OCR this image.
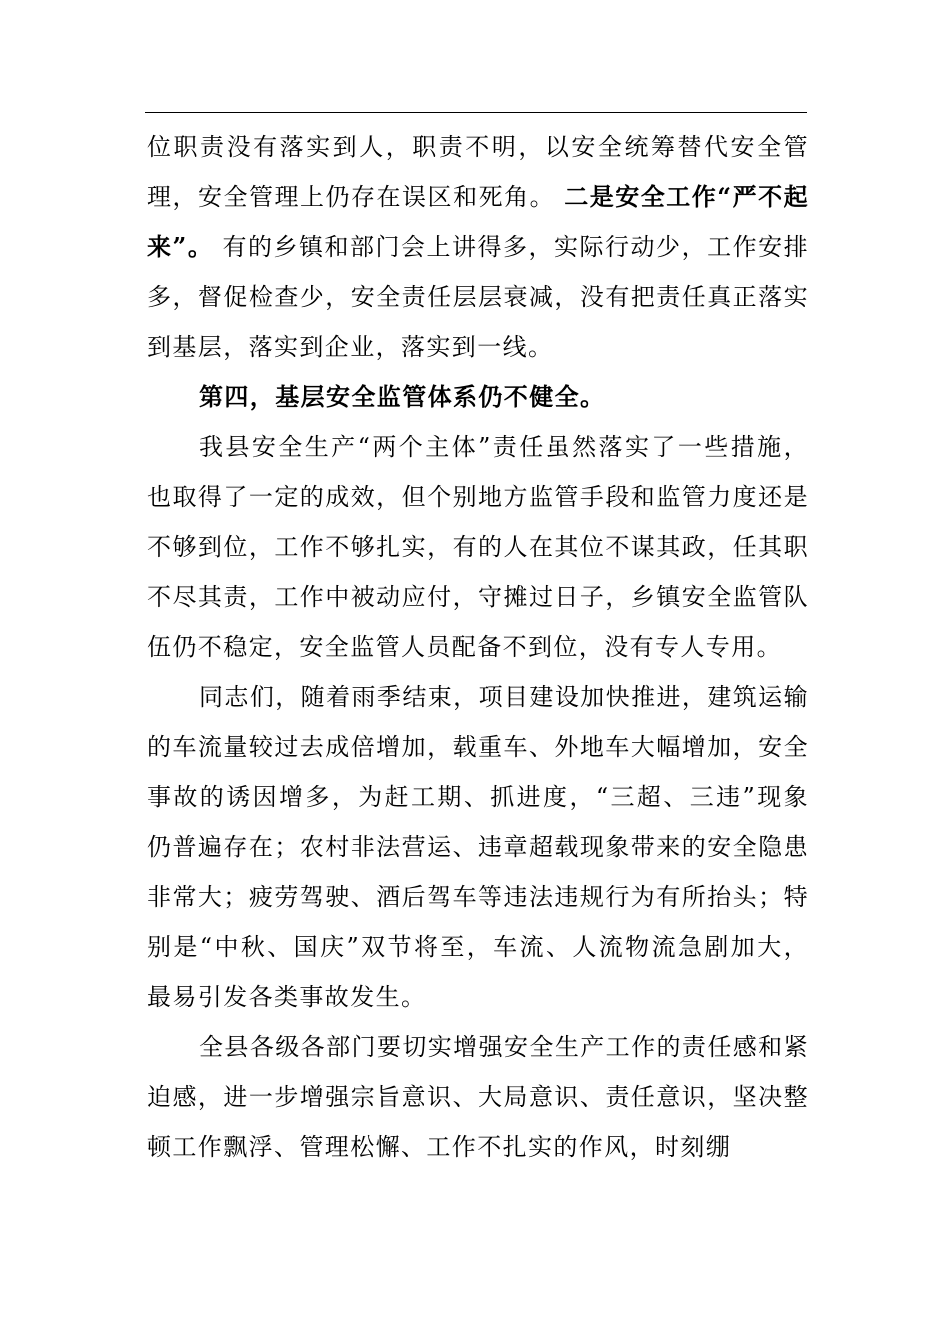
位职责没有落实到人，职责不明，以安全统筹替代安全管理，安全管理上仍存在误区和死角。 二是安全工作“严不起来”。 有的乡镇和部门会上讲得多，实际行动少，工作安排多，督促检查少，安全责任层层衰减，没有把责任真正落实到基层，落实到企业，落实到一线。

第四，基层安全监管体系仍不健全。

我县安全生产“两个主体”责任虽然落实了一些措施，也取得了一定的成效，但个别地方监管手段和监管力度还是不够到位，工作不够扎实，有的人在其位不谋其政，任其职不尽其责，工作中被动应付，守摊过日子，乡镇安全监管队伍仍不稳定，安全监管人员配备不到位，没有专人专用。

同志们，随着雨季结束，项目建设加快推进，建筑运输的车流量较过去成倍增加，载重车、外地车大幅增加，安全事故的诱因增多，为赶工期、抓进度，“三超、三违”现象仍普遍存在；农村非法营运、违章超载现象带来的安全隐患非常大；疲劳驾驶、酒后驾车等违法违规行为有所抬头；特别是“中秋、国庆”双节将至，车流、人流物流急剧加大，最易引发各类事故发生。

全县各级各部门要切实增强安全生产工作的责任感和紧迫感，进一步增强宗旨意识、大局意识、责任意识，坚决整顿工作飘浮、管理松懈、工作不扎实的作风，时刻绷
